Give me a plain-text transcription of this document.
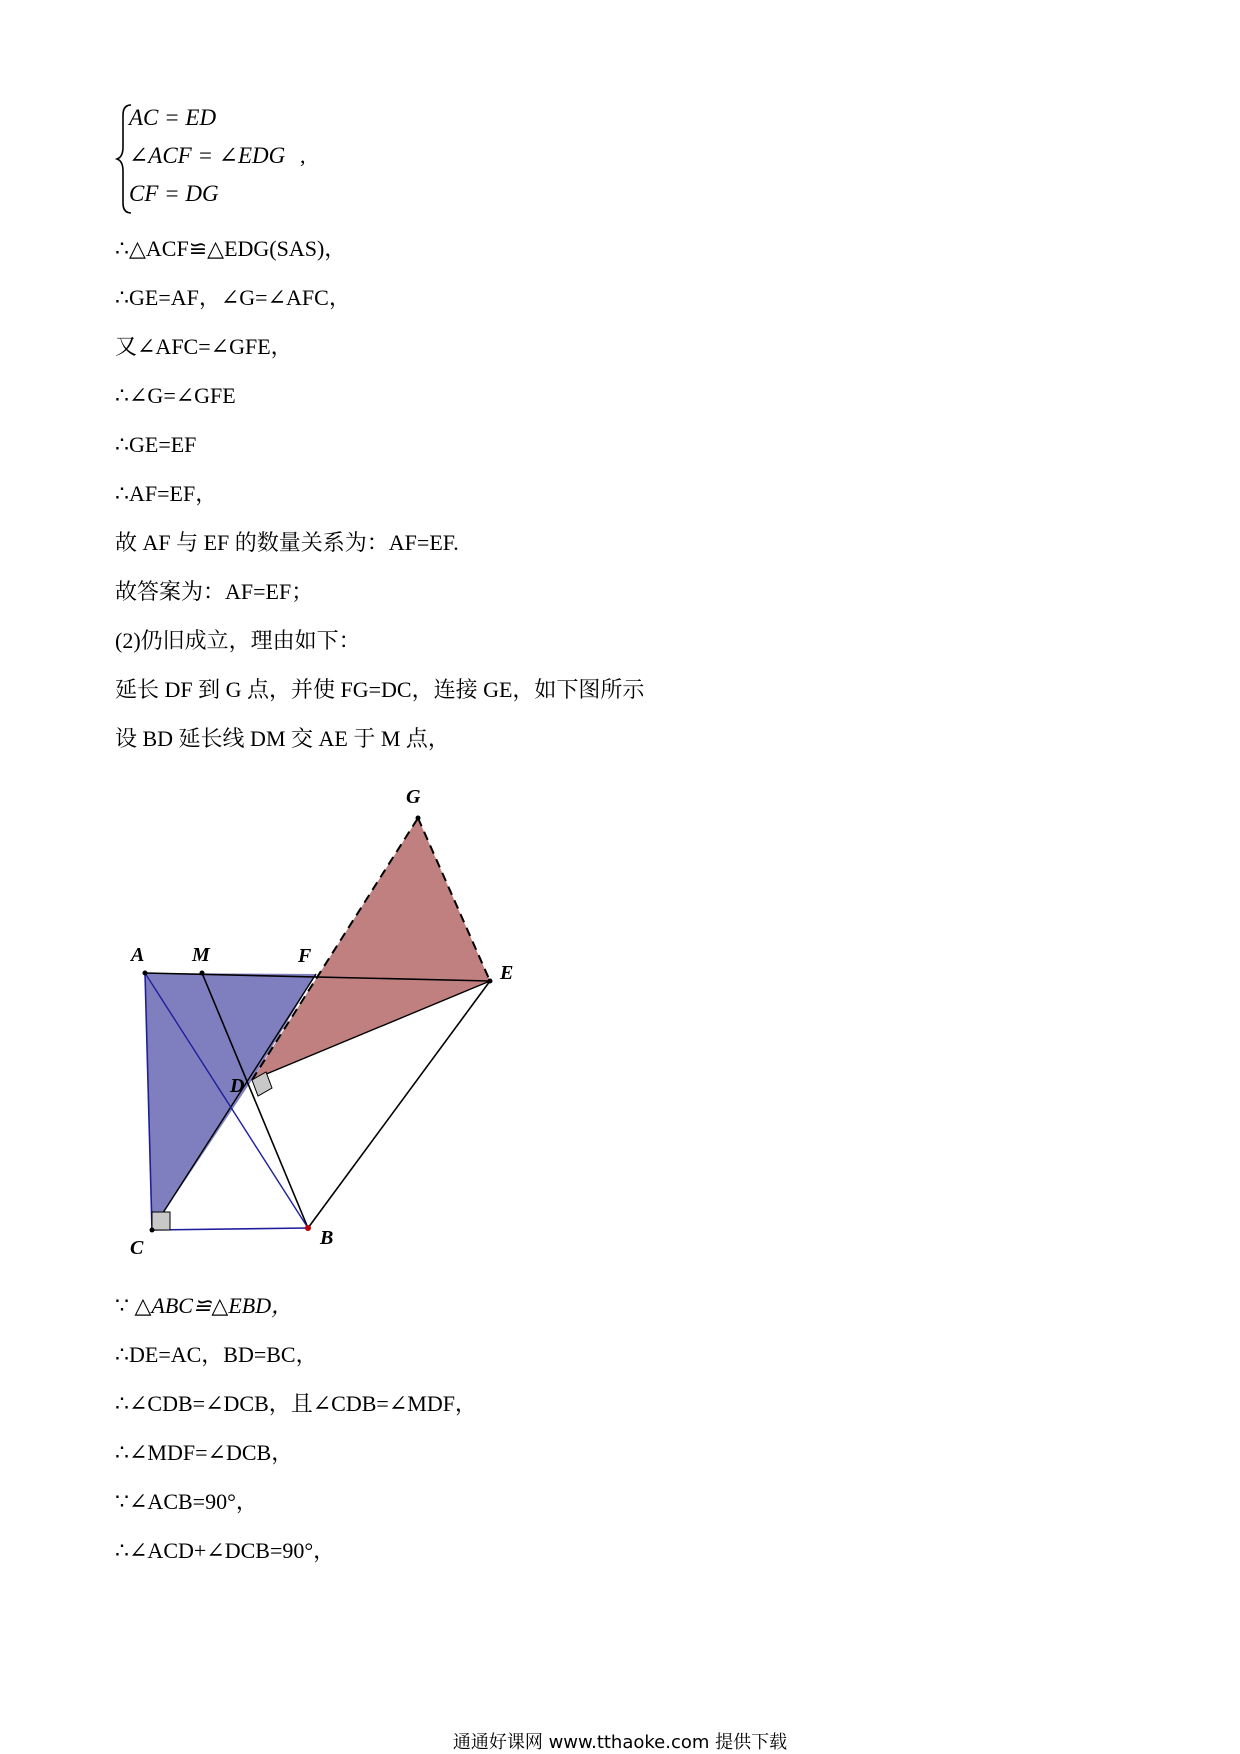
AC = ED
∠ACF = ∠EDG
CF = DG
,
∴△ACF≌△EDG(SAS)，
∴GE=AF，∠G=∠AFC，
又∠AFC=∠GFE，
∴∠G=∠GFE
∴GE=EF
∴AF=EF，
故 AF 与 EF 的数量关系为：AF=EF.
故答案为：AF=EF；
(2)仍旧成立，理由如下：
延长 DF 到 G 点，并使 FG=DC，连接 GE，如下图所示
设 BD 延长线 DM 交 AE 于 M 点，
G
A M	F
E
D
C	B
∵ △ABC≌△EBD，
∴DE=AC，BD=BC，
∴∠CDB=∠DCB，且∠CDB=∠MDF，
∴∠MDF=∠DCB，
∵∠ACB=90°，
∴∠ACD+∠DCB=90°，
通通好课网 www.tthaoke.com 提供下载
